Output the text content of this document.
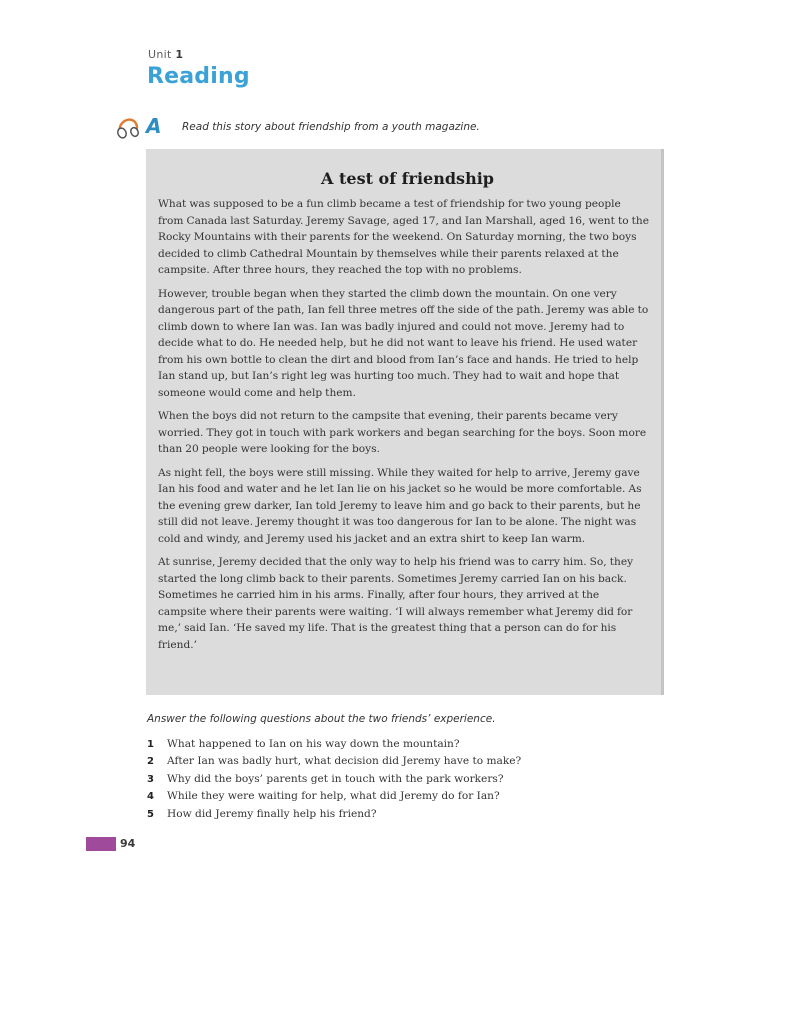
Unit 1
Reading
A Read this story about friendship from a youth magazine.
A test of friendship

What was supposed to be a fun climb became a test of friendship for two young people from Canada last Saturday. Jeremy Savage, aged 17, and Ian Marshall, aged 16, went to the Rocky Mountains with their parents for the weekend. On Saturday morning, the two boys decided to climb Cathedral Mountain by themselves while their parents relaxed at the campsite. After three hours, they reached the top with no problems.

However, trouble began when they started the climb down the mountain. On one very dangerous part of the path, Ian fell three metres off the side of the path. Jeremy was able to climb down to where Ian was. Ian was badly injured and could not move. Jeremy had to decide what to do. He needed help, but he did not want to leave his friend. He used water from his own bottle to clean the dirt and blood from Ian’s face and hands. He tried to help Ian stand up, but Ian’s right leg was hurting too much. They had to wait and hope that someone would come and help them.

When the boys did not return to the campsite that evening, their parents became very worried. They got in touch with park workers and began searching for the boys. Soon more than 20 people were looking for the boys.

As night fell, the boys were still missing. While they waited for help to arrive, Jeremy gave Ian his food and water and he let Ian lie on his jacket so he would be more comfortable. As the evening grew darker, Ian told Jeremy to leave him and go back to their parents, but he still did not leave. Jeremy thought it was too dangerous for Ian to be alone. The night was cold and windy, and Jeremy used his jacket and an extra shirt to keep Ian warm.

At sunrise, Jeremy decided that the only way to help his friend was to carry him. So, they started the long climb back to their parents. Sometimes Jeremy carried Ian on his back. Sometimes he carried him in his arms. Finally, after four hours, they arrived at the campsite where their parents were waiting. ‘I will always remember what Jeremy did for me,’ said Ian. ‘He saved my life. That is the greatest thing that a person can do for his friend.’

Answer the following questions about the two friends’ experience.
1 What happened to Ian on his way down the mountain?
2 After Ian was badly hurt, what decision did Jeremy have to make?
3 Why did the boys’ parents get in touch with the park workers?
4 While they were waiting for help, what did Jeremy do for Ian?
5 How did Jeremy finally help his friend?
94
